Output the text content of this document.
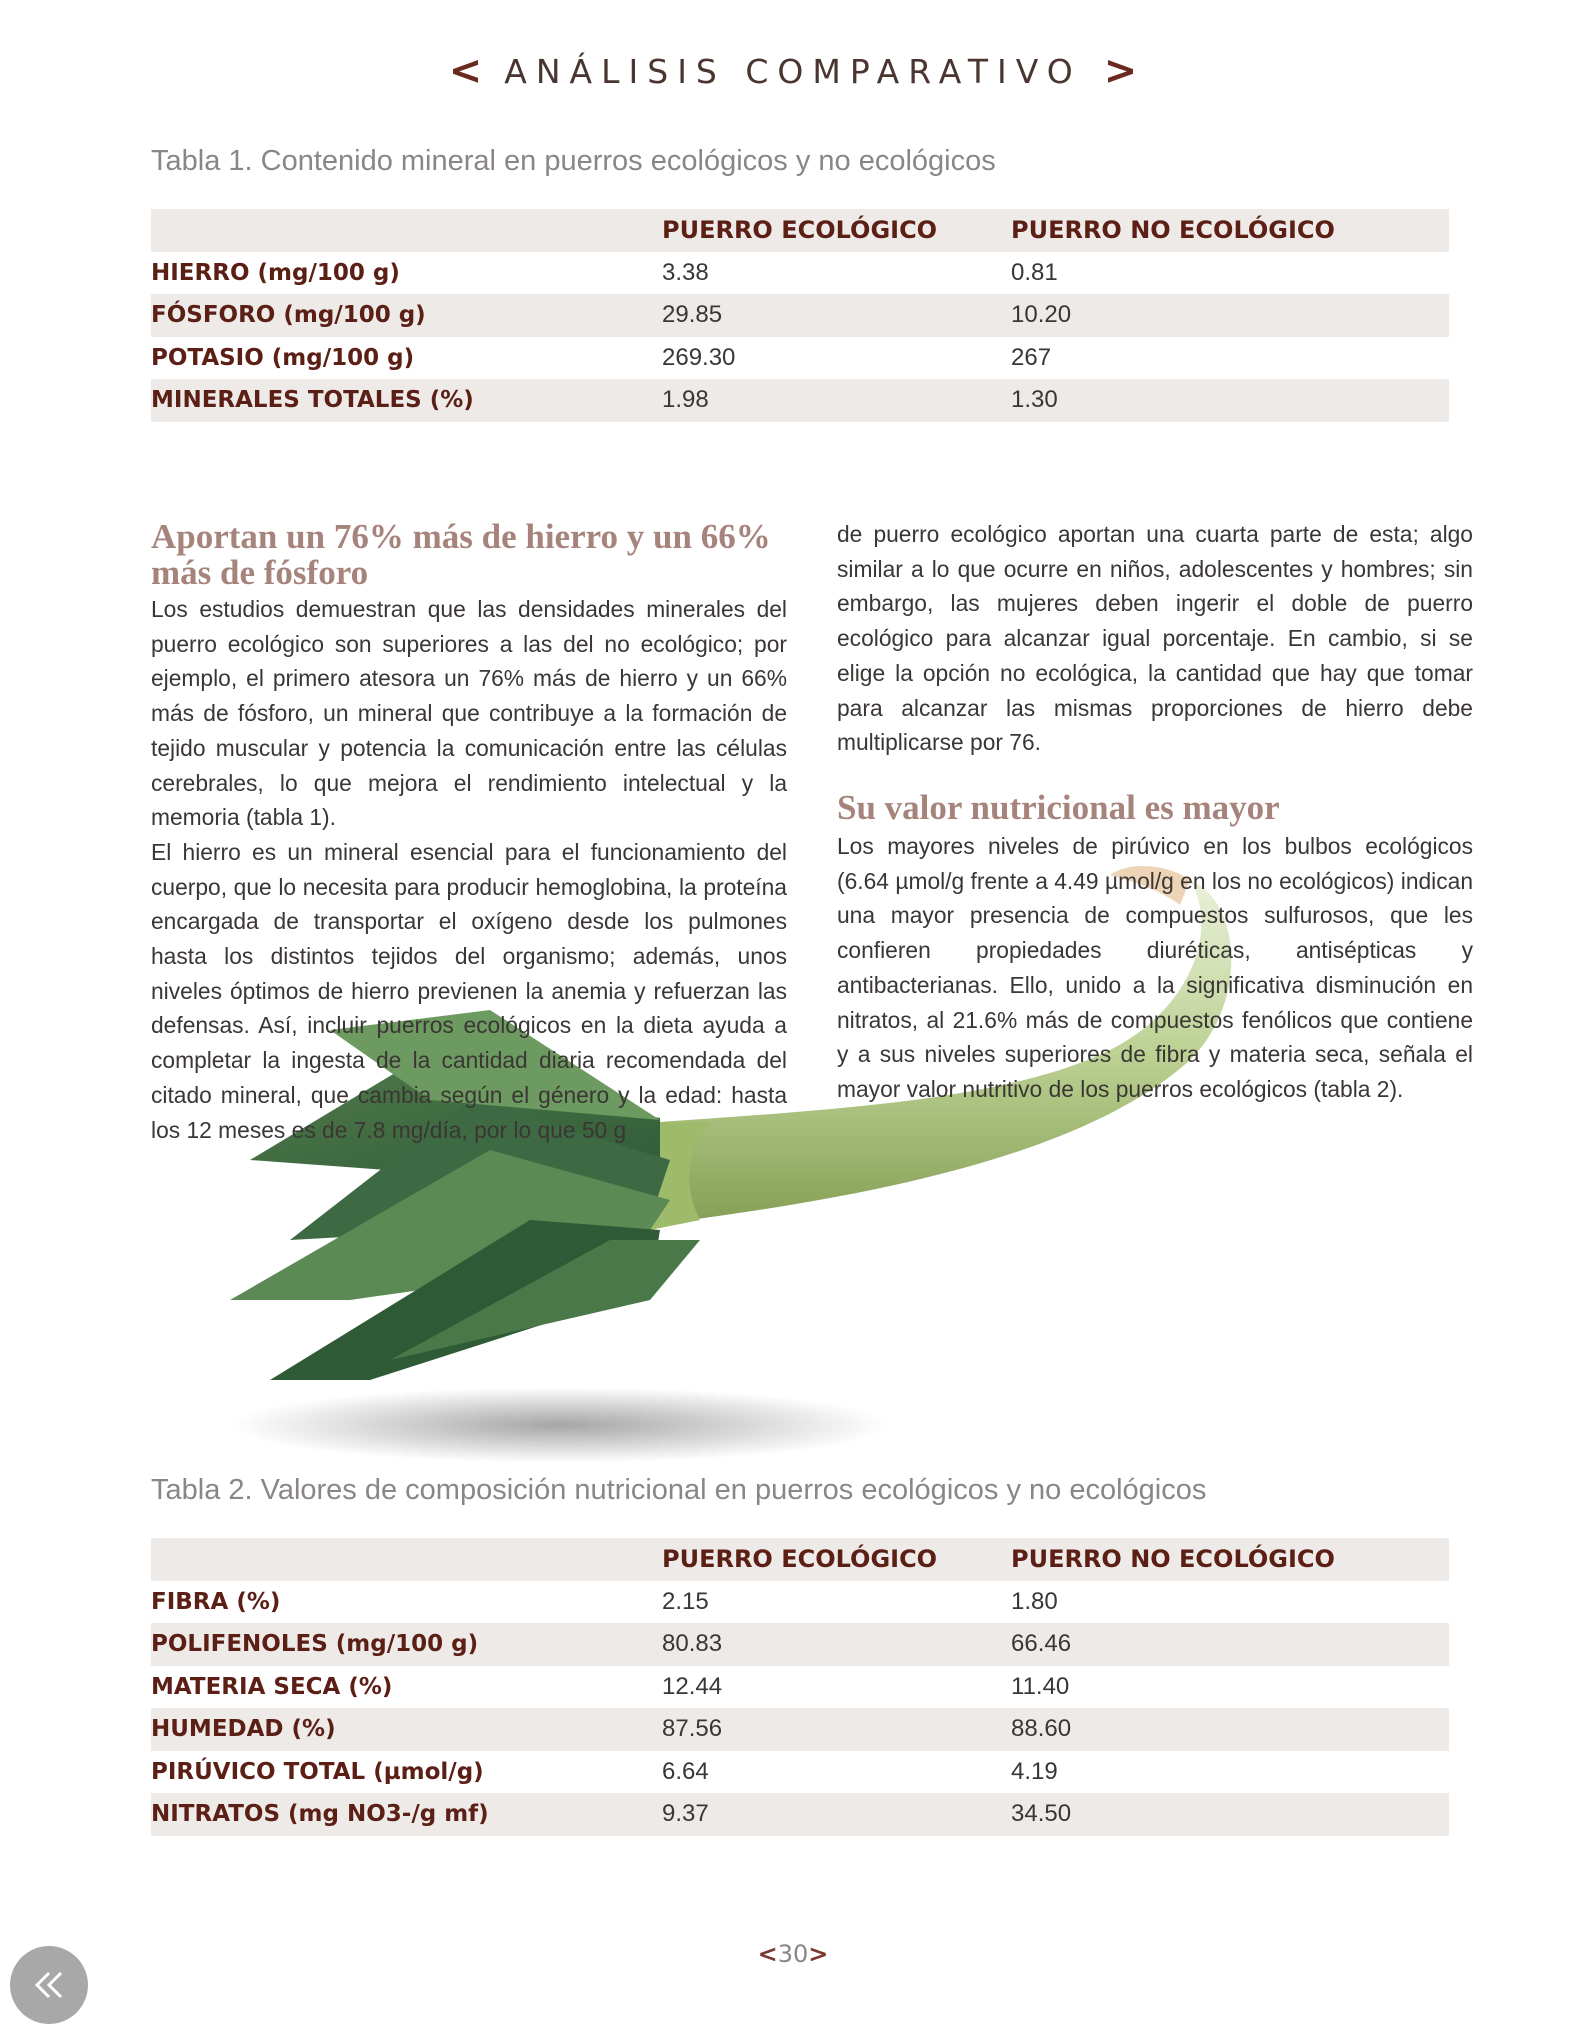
< ANÁLISIS COMPARATIVO >
Tabla 1. Contenido mineral en puerros ecológicos y no ecológicos
	PUERRO ECOLÓGICO	PUERRO NO ECOLÓGICO
HIERRO (mg/100 g)	3.38	0.81
FÓSFORO (mg/100 g)	29.85	10.20
POTASIO (mg/100 g)	269.30	267
MINERALES TOTALES (%)	1.98	1.30
Aportan un 76% más de hierro y un 66% más de fósforo

Los estudios demuestran que las densidades minerales del puerro ecológico son superiores a las del no ecológico; por ejemplo, el primero atesora un 76% más de hierro y un 66% más de fósforo, un mineral que contribuye a la formación de tejido muscular y potencia la comunicación entre las células cerebrales, lo que mejora el rendimiento intelectual y la memoria (tabla 1).

El hierro es un mineral esencial para el funcionamiento del cuerpo, que lo necesita para producir hemoglobina, la proteína encargada de transportar el oxígeno desde los pulmones hasta los distintos tejidos del organismo; además, unos niveles óptimos de hierro previenen la anemia y refuerzan las defensas. Así, incluir puerros ecológicos en la dieta ayuda a completar la ingesta de la cantidad diaria recomendada del citado mineral, que cambia según el género y la edad: hasta los 12 meses es de 7.8 mg/día, por lo que 50 g

de puerro ecológico aportan una cuarta parte de esta; algo similar a lo que ocurre en niños, adolescentes y hombres; sin embargo, las mujeres deben ingerir el doble de puerro ecológico para alcanzar igual porcentaje. En cambio, si se elige la opción no ecológica, la cantidad que hay que tomar para alcanzar las mismas proporciones de hierro debe multiplicarse por 76.

Su valor nutricional es mayor

Los mayores niveles de pirúvico en los bulbos ecológicos (6.64 µmol/g frente a 4.49 µmol/g en los no ecológicos) indican una mayor presencia de compuestos sulfurosos, que les confieren propiedades diuréticas, antisépticas y antibacterianas. Ello, unido a la significativa disminución en nitratos, al 21.6% más de compuestos fenólicos que contiene y a sus niveles superiores de fibra y materia seca, señala el mayor valor nutritivo de los puerros ecológicos (tabla 2).

Tabla 2. Valores de composición nutricional en puerros ecológicos y no ecológicos
	PUERRO ECOLÓGICO	PUERRO NO ECOLÓGICO
FIBRA (%)	2.15	1.80
POLIFENOLES (mg/100 g)	80.83	66.46
MATERIA SECA (%)	12.44	11.40
HUMEDAD (%)	87.56	88.60
PIRÚVICO TOTAL (µmol/g)	6.64	4.19
NITRATOS (mg NO3-/g mf)	9.37	34.50
<30>
